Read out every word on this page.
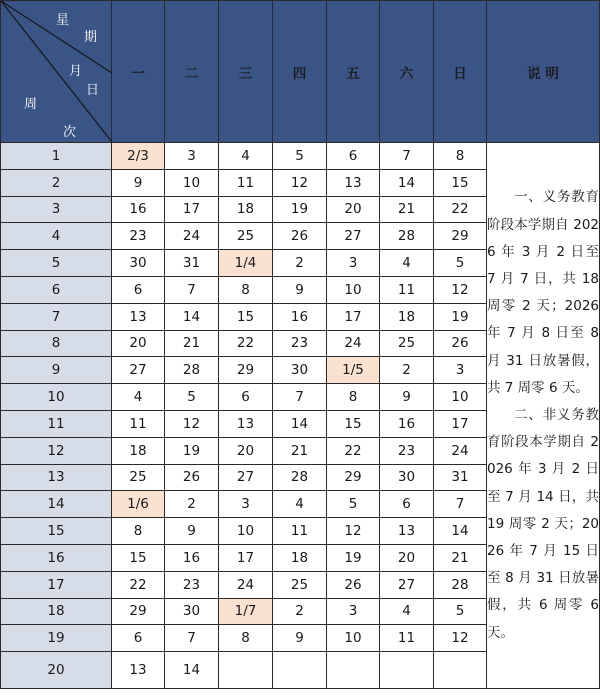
星
期
月
日
周
次
	一	二	三	四	五	六	日	说 明
1	2/3	3	4	5	6	7	8	一、义务教育阶段本学期自 2026 年 3 月 2 日至 7 月 7 日，共 18 周零 2 天；2026 年 7 月 8 日至 8 月 31 日放暑假，共 7 周零 6 天。

二、非义务教育阶段本学期自 2026 年 3 月 2 日至 7 月 14 日，共 19 周零 2 天；2026 年 7 月 15 日至 8 月 31 日放暑假，共 6 周零 6 天。

2	9	10	11	12	13	14	15	
3	16	17	18	19	20	21	22	
4	23	24	25	26	27	28	29	
5	30	31	1/4	2	3	4	5	
6	6	7	8	9	10	11	12	
7	13	14	15	16	17	18	19	
8	20	21	22	23	24	25	26	
9	27	28	29	30	1/5	2	3	
10	4	5	6	7	8	9	10	
11	11	12	13	14	15	16	17	
12	18	19	20	21	22	23	24	
13	25	26	27	28	29	30	31	
14	1/6	2	3	4	5	6	7	
15	8	9	10	11	12	13	14	
16	15	16	17	18	19	20	21	
17	22	23	24	25	26	27	28	
18	29	30	1/7	2	3	4	5	
19	6	7	8	9	10	11	12	
20	13	14						
